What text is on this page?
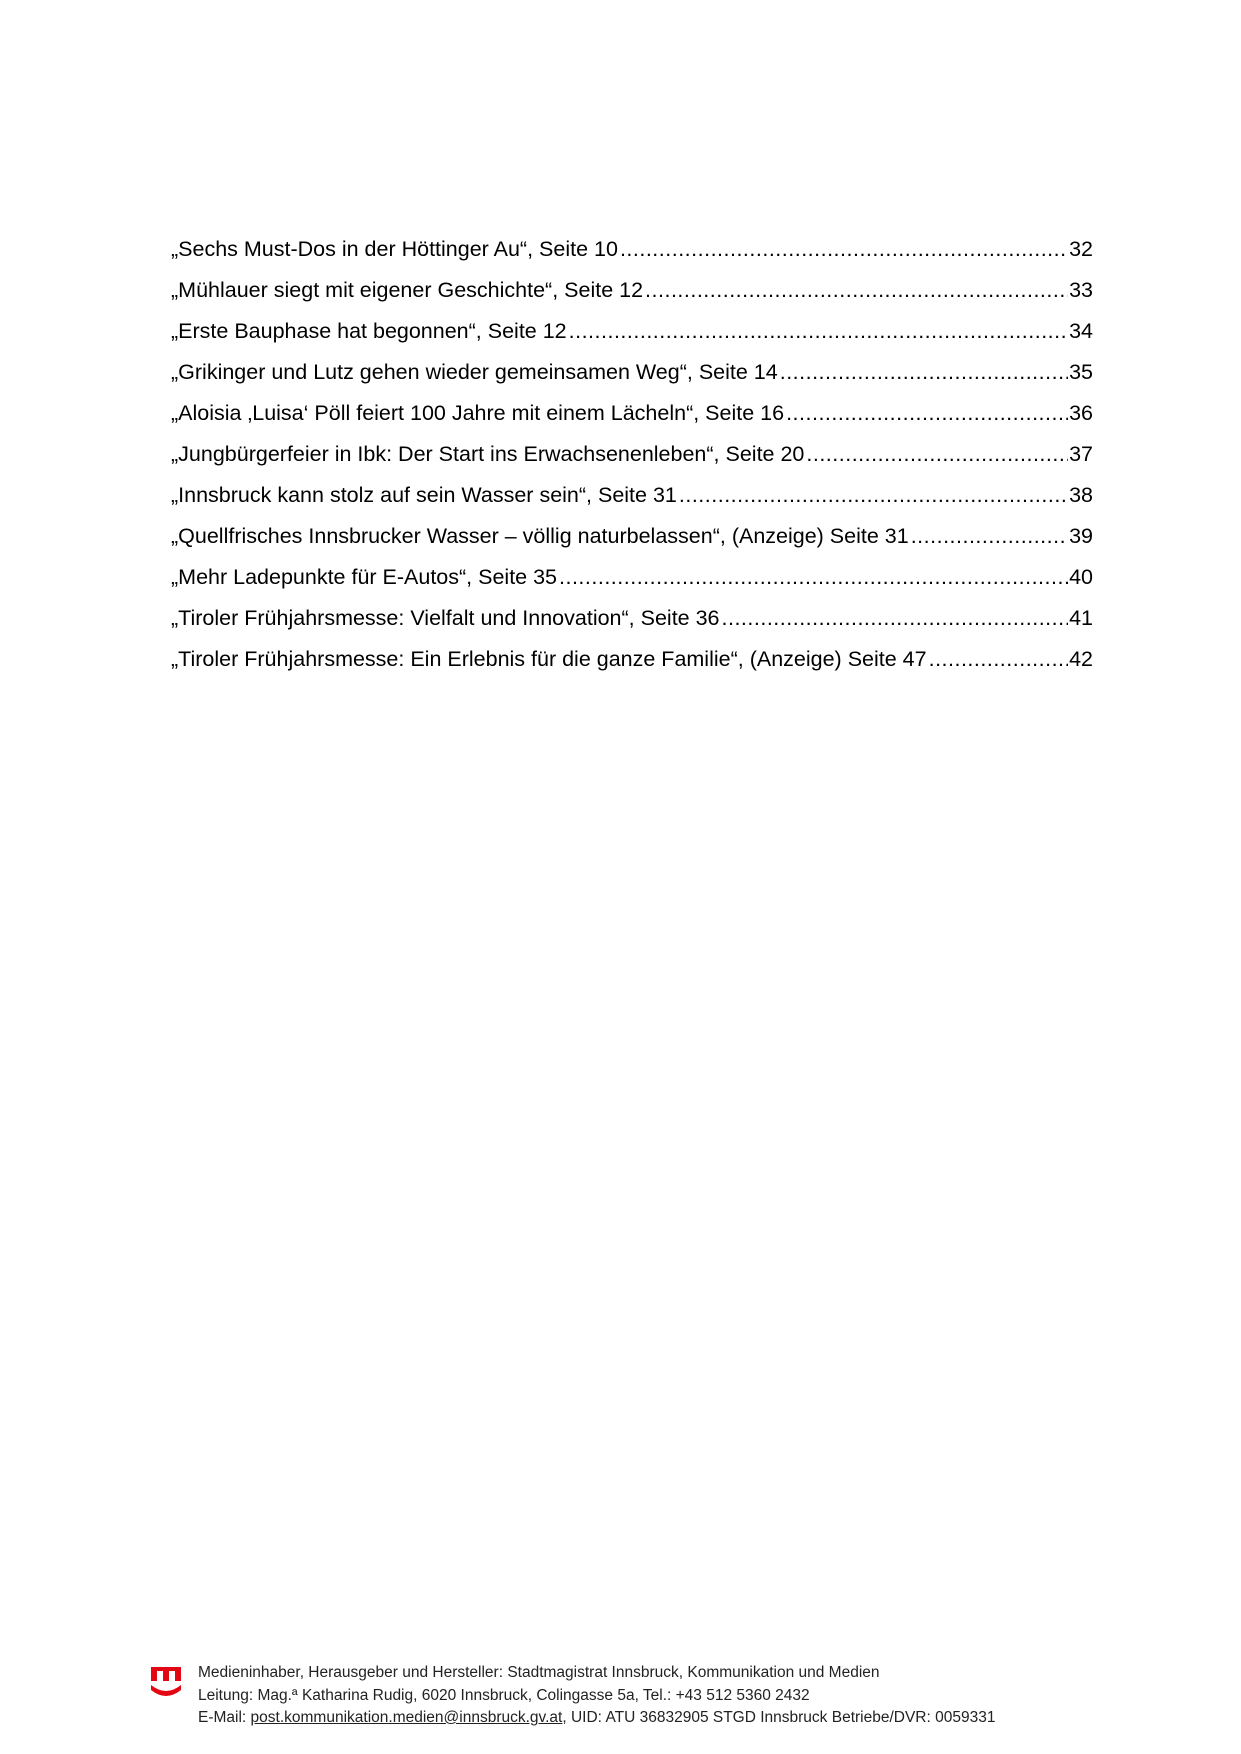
„Sechs Must-Dos in der Höttinger Au“, Seite 10 .....	32
„Mühlauer siegt mit eigener Geschichte“, Seite 12 .....	33
„Erste Bauphase hat begonnen“, Seite 12 .....	34
„Grikinger und Lutz gehen wieder gemeinsamen Weg“, Seite 14 .....	35
„Aloisia ‚Luisa‘ Pöll feiert 100 Jahre mit einem Lächeln“, Seite 16 .....	36
„Jungbürgerfeier in Ibk: Der Start ins Erwachsenenleben“, Seite 20 .....	37
„Innsbruck kann stolz auf sein Wasser sein“, Seite 31 .....	38
„Quellfrisches Innsbrucker Wasser – völlig naturbelassen“, (Anzeige) Seite 31 .....	39
„Mehr Ladepunkte für E-Autos“, Seite 35 .....	40
„Tiroler Frühjahrsmesse: Vielfalt und Innovation“, Seite 36 .....	41
„Tiroler Frühjahrsmesse: Ein Erlebnis für die ganze Familie“, (Anzeige) Seite 47 .....	42
Medieninhaber, Herausgeber und Hersteller: Stadtmagistrat Innsbruck, Kommunikation und Medien
Leitung: Mag.ª Katharina Rudig, 6020 Innsbruck, Colingasse 5a, Tel.: +43 512 5360 2432
E-Mail: post.kommunikation.medien@innsbruck.gv.at, UID: ATU 36832905 STGD Innsbruck Betriebe/DVR: 0059331
